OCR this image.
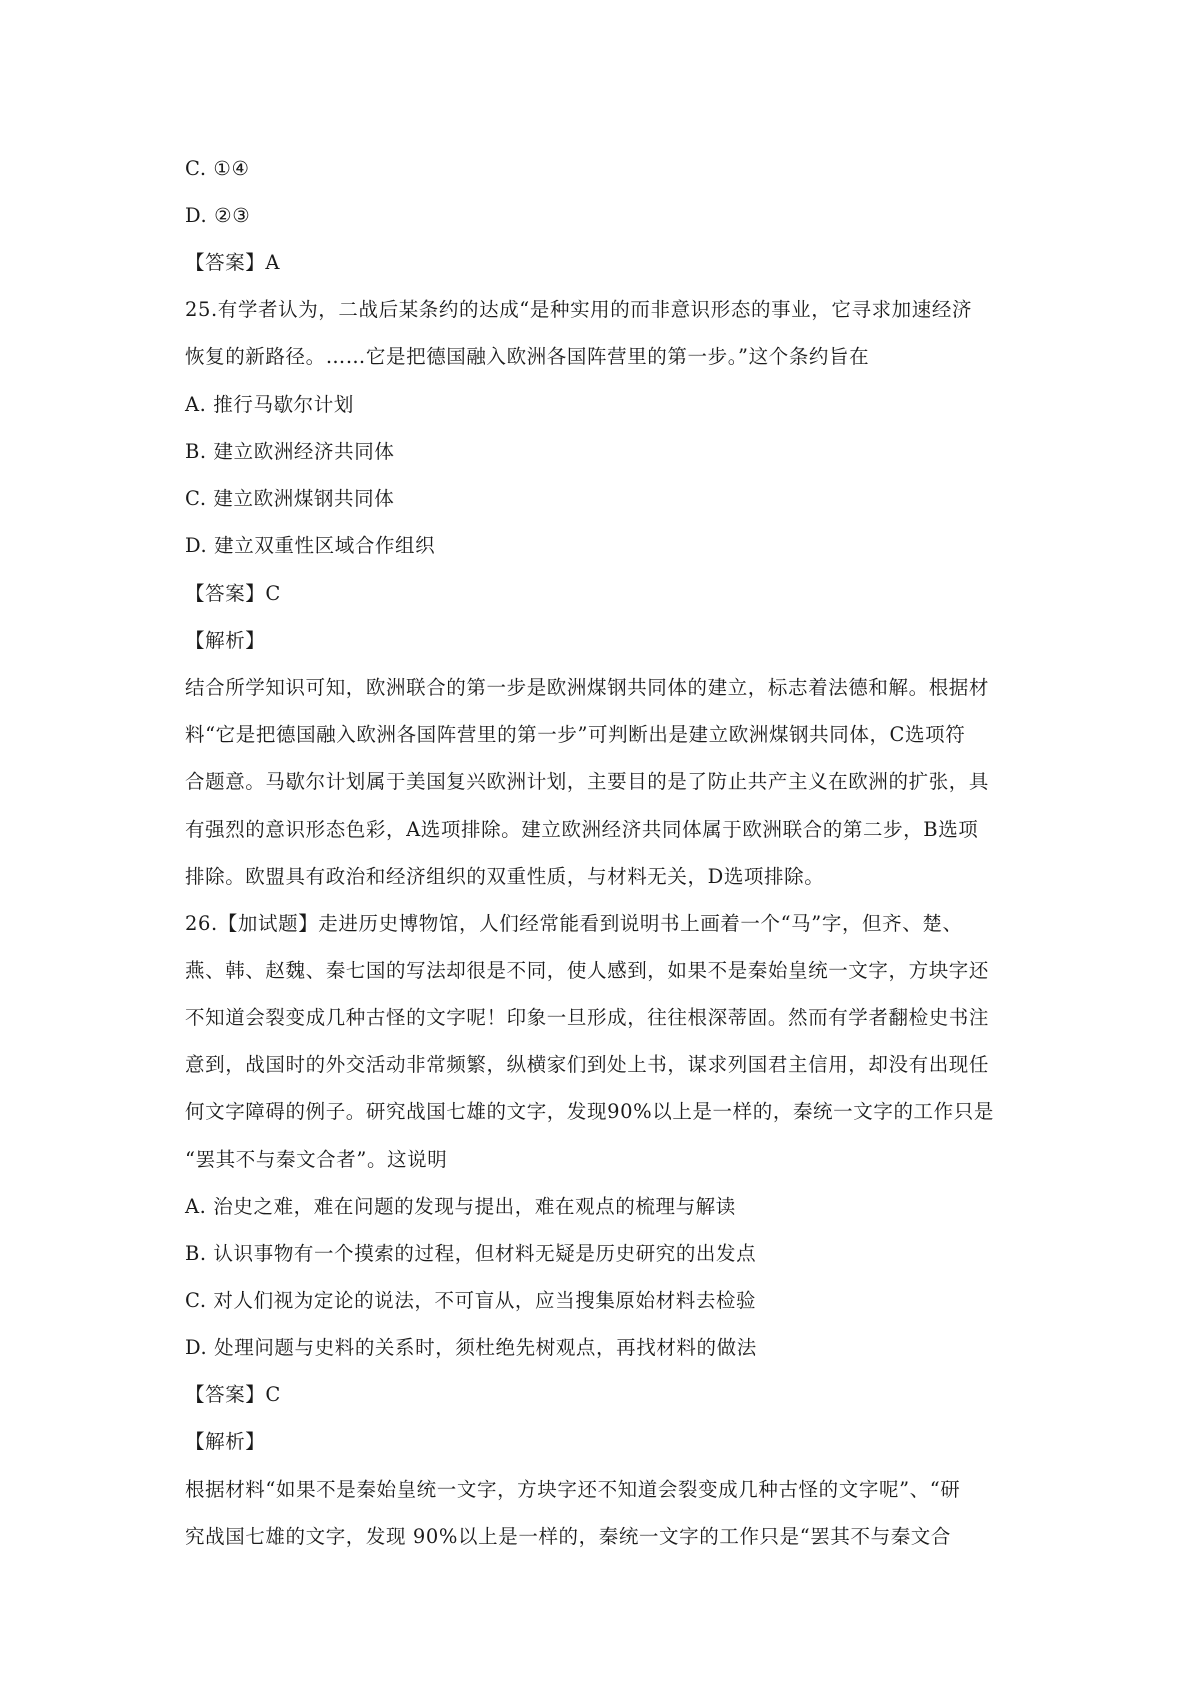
C. ①④
D. ②③
【答案】A
25.有学者认为，二战后某条约的达成“是种实用的而非意识形态的事业，它寻求加速经济
恢复的新路径。……它是把德国融入欧洲各国阵营里的第一步。”这个条约旨在
A. 推行马歇尔计划
B. 建立欧洲经济共同体
C. 建立欧洲煤钢共同体
D. 建立双重性区域合作组织
【答案】C
【解析】
结合所学知识可知，欧洲联合的第一步是欧洲煤钢共同体的建立，标志着法德和解。根据材
料“它是把德国融入欧洲各国阵营里的第一步”可判断出是建立欧洲煤钢共同体，C选项符
合题意。马歇尔计划属于美国复兴欧洲计划，主要目的是了防止共产主义在欧洲的扩张，具
有强烈的意识形态色彩，A选项排除。建立欧洲经济共同体属于欧洲联合的第二步，B选项
排除。欧盟具有政治和经济组织的双重性质，与材料无关，D选项排除。
26.【加试题】走进历史博物馆，人们经常能看到说明书上画着一个“马”字，但齐、楚、
燕、韩、赵魏、秦七国的写法却很是不同，使人感到，如果不是秦始皇统一文字，方块字还
不知道会裂变成几种古怪的文字呢！印象一旦形成，往往根深蒂固。然而有学者翻检史书注
意到，战国时的外交活动非常频繁，纵横家们到处上书，谋求列国君主信用，却没有出现任
何文字障碍的例子。研究战国七雄的文字，发现90%以上是一样的，秦统一文字的工作只是
“罢其不与秦文合者”。这说明
A. 治史之难，难在问题的发现与提出，难在观点的梳理与解读
B. 认识事物有一个摸索的过程，但材料无疑是历史研究的出发点
C. 对人们视为定论的说法，不可盲从，应当搜集原始材料去检验
D. 处理问题与史料的关系时，须杜绝先树观点，再找材料的做法
【答案】C
【解析】
根据材料“如果不是秦始皇统一文字，方块字还不知道会裂变成几种古怪的文字呢”、“研
究战国七雄的文字，发现 90%以上是一样的，秦统一文字的工作只是“罢其不与秦文合
